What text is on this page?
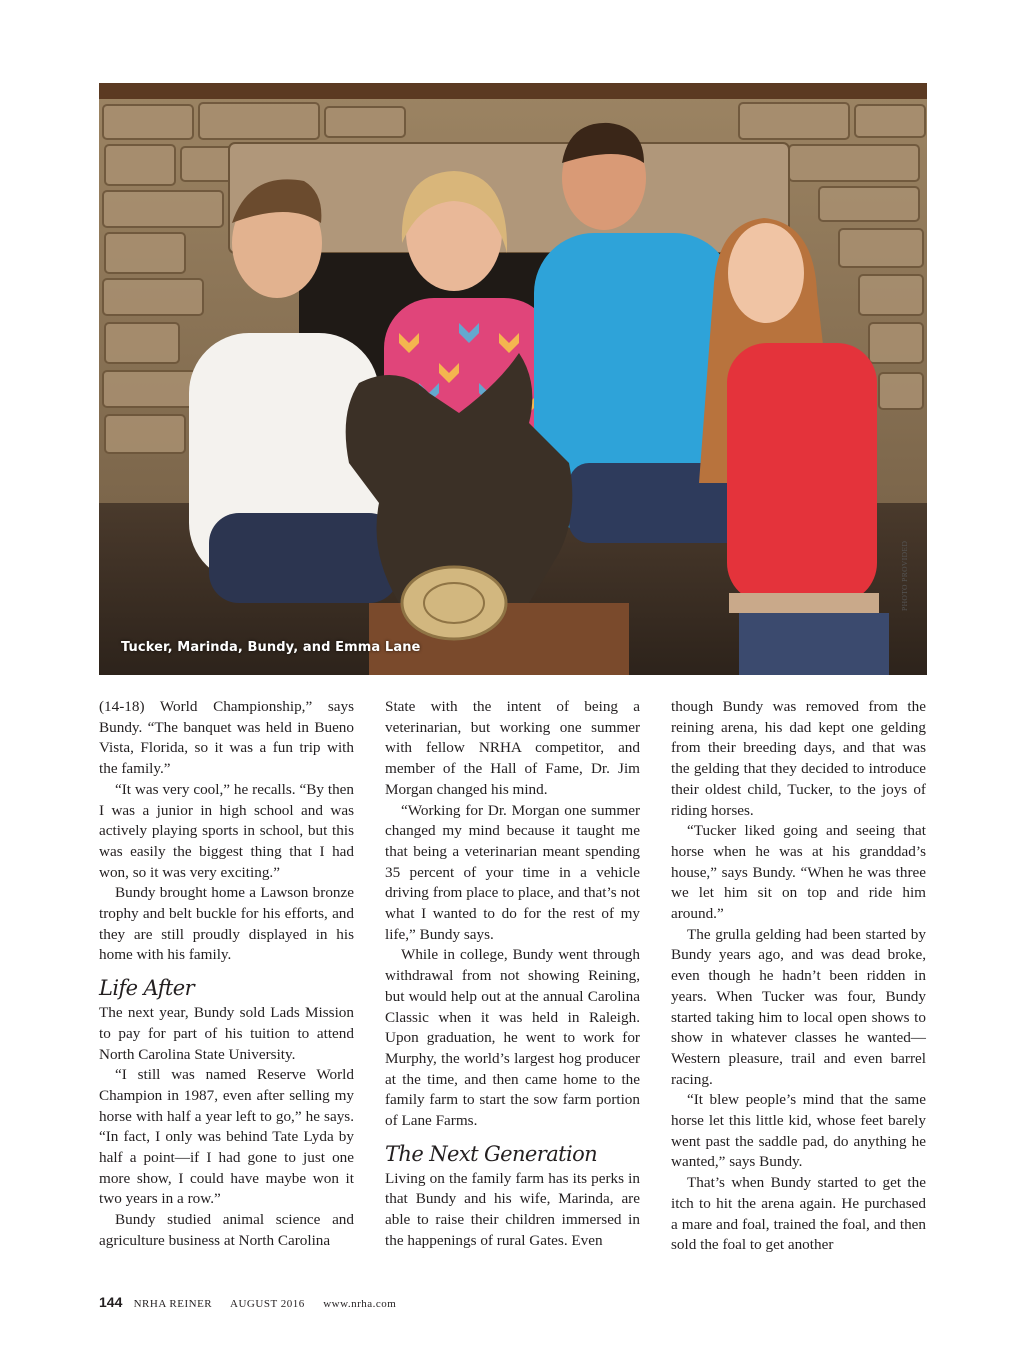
Tucker, Marinda, Bundy, and Emma Lane
PHOTO PROVIDED

(14-18) World Championship,” says Bundy. “The banquet was held in Bueno Vista, Florida, so it was a fun trip with the family.”

“It was very cool,” he recalls. “By then I was a junior in high school and was actively playing sports in school, but this was easily the biggest thing that I had won, so it was very exciting.”

Bundy brought home a Lawson bronze trophy and belt buckle for his efforts, and they are still proudly displayed in his home with his family.

Life After

The next year, Bundy sold Lads Mission to pay for part of his tuition to attend North Carolina State University.

“I still was named Reserve World Champion in 1987, even after selling my horse with half a year left to go,” he says. “In fact, I only was behind Tate Lyda by half a point—if I had gone to just one more show, I could have maybe won it two years in a row.”

Bundy studied animal science and agriculture business at North Carolina

State with the intent of being a veterinarian, but working one summer with fellow NRHA competitor, and member of the Hall of Fame, Dr. Jim Morgan changed his mind.

“Working for Dr. Morgan one summer changed my mind because it taught me that being a veterinarian meant spending 35 percent of your time in a vehicle driving from place to place, and that’s not what I wanted to do for the rest of my life,” Bundy says.

While in college, Bundy went through withdrawal from not showing Reining, but would help out at the annual Carolina Classic when it was held in Raleigh. Upon graduation, he went to work for Murphy, the world’s largest hog producer at the time, and then came home to the family farm to start the sow farm portion of Lane Farms.

The Next Generation

Living on the family farm has its perks in that Bundy and his wife, Marinda, are able to raise their children immersed in the happenings of rural Gates. Even

though Bundy was removed from the reining arena, his dad kept one gelding from their breeding days, and that was the gelding that they decided to introduce their oldest child, Tucker, to the joys of riding horses.

“Tucker liked going and seeing that horse when he was at his granddad’s house,” says Bundy. “When he was three we let him sit on top and ride him around.”

The grulla gelding had been started by Bundy years ago, and was dead broke, even though he hadn’t been ridden in years. When Tucker was four, Bundy started taking him to local open shows to show in whatever classes he wanted—Western pleasure, trail and even barrel racing.

“It blew people’s mind that the same horse let this little kid, whose feet barely went past the saddle pad, do anything he wanted,” says Bundy.

That’s when Bundy started to get the itch to hit the arena again. He purchased a mare and foal, trained the foal, and then sold the foal to get another

144 NRHA REINER AUGUST 2016 www.nrha.com
